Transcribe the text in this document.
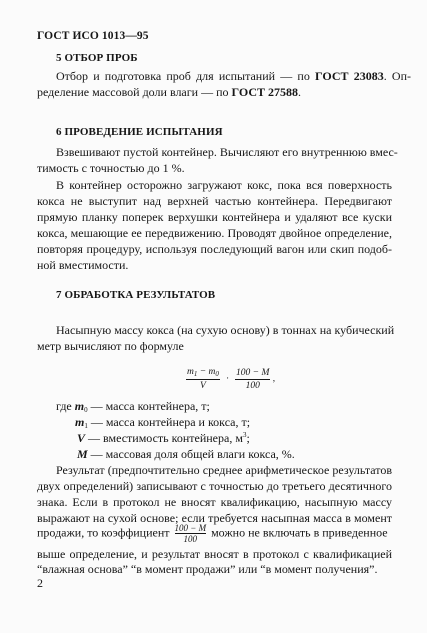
ГОСТ ИСО 1013—95
5 ОТБОР ПРОБ
Отбор и подготовка проб для испытаний — по ГОСТ 23083. Оп-
ределение массовой доли влаги — по ГОСТ 27588.
6 ПРОВЕДЕНИЕ ИСПЫТАНИЯ
Взвешивают пустой контейнер. Вычисляют его внутреннюю вмес-
тимость с точностью до 1 %.
В контейнер осторожно загружают кокс, пока вся поверхность
кокса не выступит над верхней частью контейнера. Передвигают
прямую планку поперек верхушки контейнера и удаляют все куски
кокса, мешающие ее передвижению. Проводят двойное определение,
повторяя процедуру, используя последующий вагон или скип подоб-
ной вместимости.
7 ОБРАБОТКА РЕЗУЛЬТАТОВ
Насыпную массу кокса (на сухую основу) в тоннах на кубический
метр вычисляют по формуле
$\frac{m_1 - m_0}{V} \cdot \frac{100 - M}{100}$ ,
где $m_0$ — масса контейнера, т;
$m_1$ — масса контейнера и кокса, т;
V — вместимость контейнера, $м^3$;
M — массовая доля общей влаги кокса, %.
Результат (предпочтительно среднее арифметическое результатов
двух определений) записывают с точностью до третьего десятичного
знака. Если в протокол не вносят квалификацию, насыпную массу
выражают на сухой основе; если требуется насыпная масса в момент
продажи, то коэффициент $\frac{100 - M}{100}$ можно не включать в приведенное
выше определение, и результат вносят в протокол с квалификацией
“влажная основа” “в момент продажи” или “в момент получения”.
2
